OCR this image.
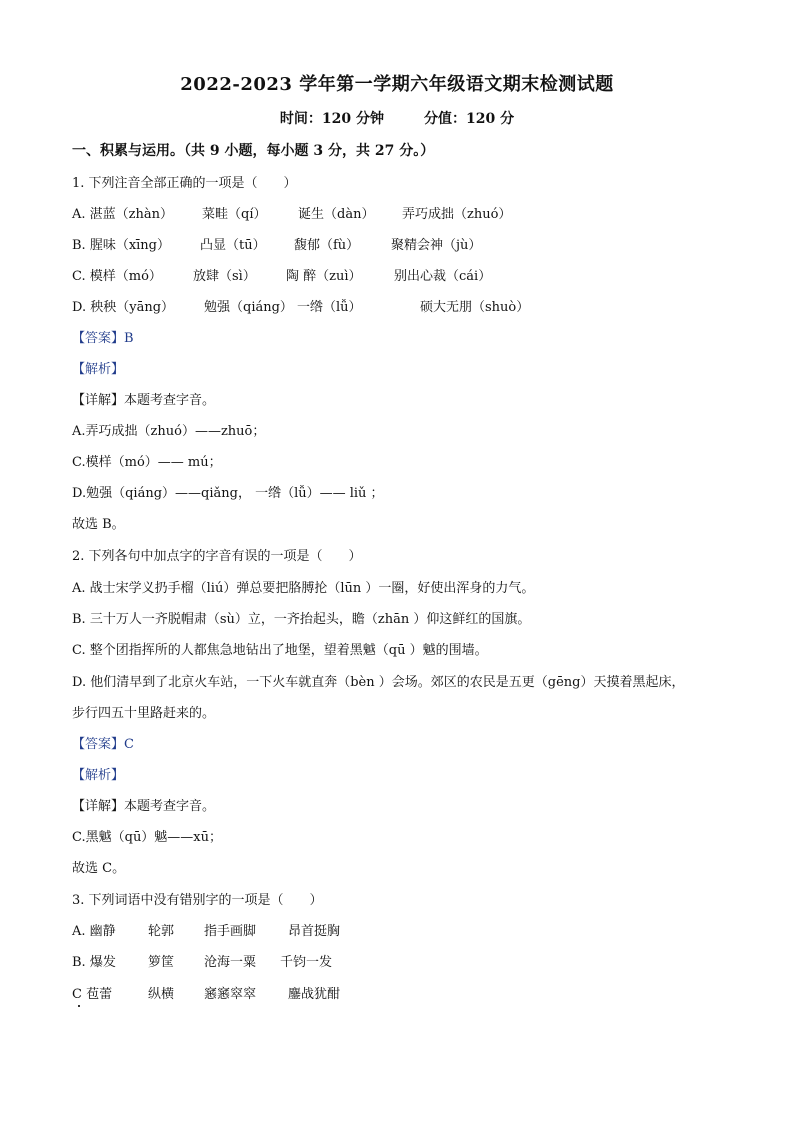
2022-2023 学年第一学期六年级语文期末检测试题
时间：120 分钟	分值：120 分
一、积累与运用。（共 9 小题，每小题 3 分，共 27 分。）
1. 下列注音全部正确的一项是（　　）
A. 湛蓝（zhàn） 菜畦（qí） 诞生（dàn） 弄巧成拙（zhuó）
B. 腥味（xīng） 凸显（tū） 馥郁（fù） 聚精会神（jù）
C. 模样（mó） 放肆（sì） 陶 醉（zuì） 别出心裁（cái）
D. 秧秧（yāng） 勉强（qiáng） 一绺（lǚ）	硕大无朋（shuò）
【答案】B
【解析】
【详解】本题考查字音。
A.弄巧成拙（zhuó）——zhuō；
C.模样（mó）—— mú；
D.勉强（qiáng）——qiǎng， 一绺（lǚ）—— liǔ ；
故选 B。
2. 下列各句中加点字的字音有误的一项是（　　）
A. 战士宋学义扔手榴（liú）弹总要把胳膊抡（lūn ）一圈，好使出浑身的力气。
B. 三十万人一齐脱帽肃（sù）立，一齐抬起头，瞻（zhān ）仰这鲜红的国旗。
C. 整个团指挥所的人都焦急地钻出了地堡，望着黑魆（qū ）魆的围墙。
D. 他们清早到了北京火车站，一下火车就直奔（bèn ）会场。郊区的农民是五更（gēng）天摸着黑起床，
步行四五十里路赶来的。
【答案】C
【解析】
【详解】本题考查字音。
C.黑魆（qū）魆——xū；
故选 C。
3. 下列词语中没有错别字的一项是（　　）
A. 幽静 轮郭 指手画脚 昂首挺胸
B. 爆发 箩筐 沧海一粟 千钧一发
C 苞蕾	纵横 窸窸窣窣 鏖战犹酣
